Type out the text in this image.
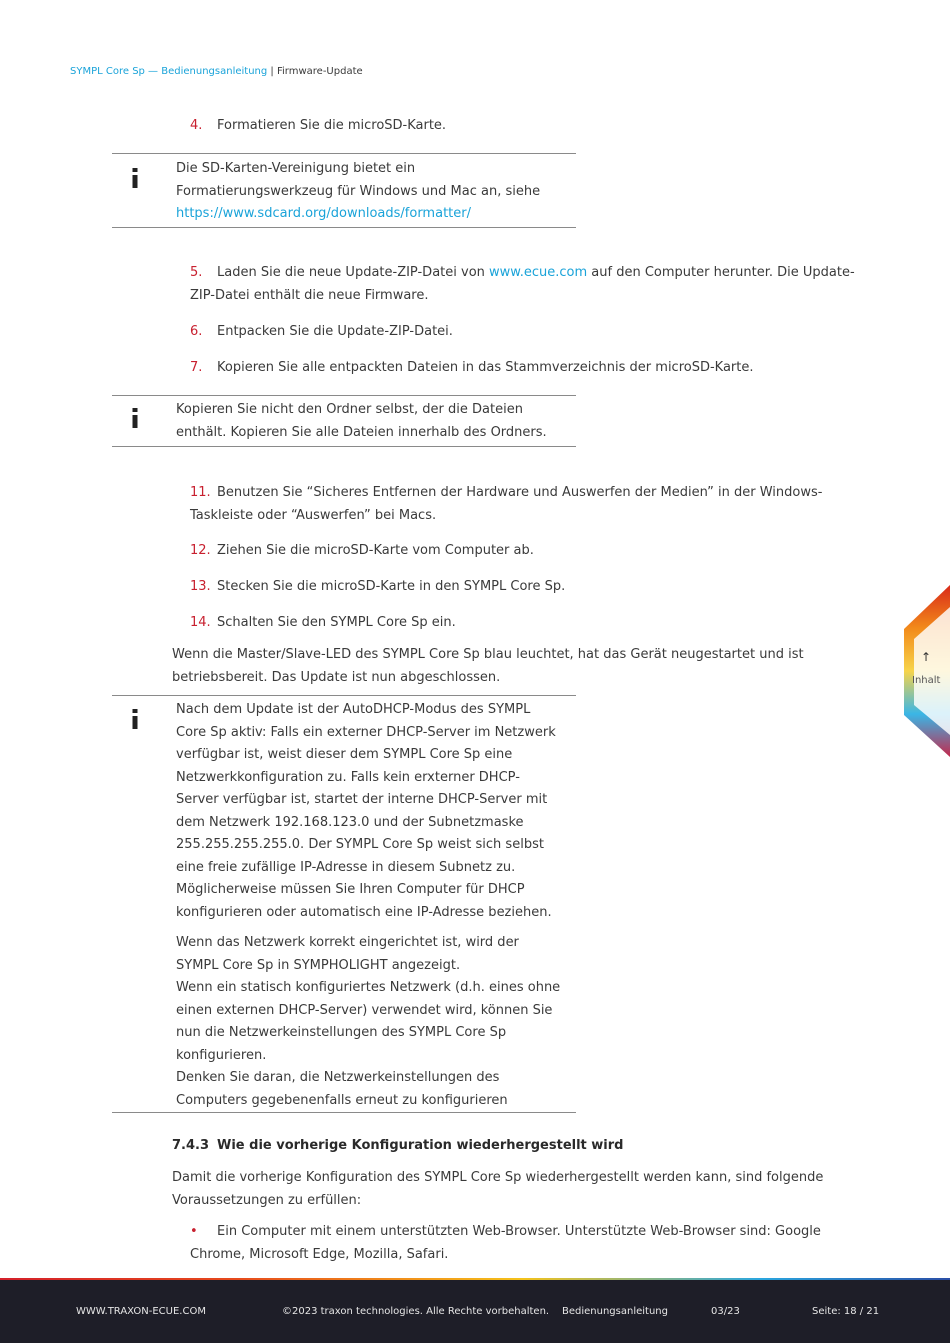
SYMPL Core Sp — Bedienungsanleitung | Firmware-Update
4. Formatieren Sie die microSD-Karte.

Die SD-Karten-Vereinigung bietet ein

Formatierungswerkzeug für Windows und Mac an, siehe

https://www.sdcard.org/downloads/formatter/

5. Laden Sie die neue Update-ZIP-Datei von www.ecue.com auf den Computer herunter. Die Update-ZIP-Datei enthält die neue Firmware.
6. Entpacken Sie die Update-ZIP-Datei.
7. Kopieren Sie alle entpackten Dateien in das Stammverzeichnis der microSD-Karte.
Kopieren Sie nicht den Ordner selbst, der die Dateien enthält. Kopieren Sie alle Dateien innerhalb des Ordners.
11. Benutzen Sie “Sicheres Entfernen der Hardware und Auswerfen der Medien” in der Windows-Taskleiste oder “Auswerfen” bei Macs.
12. Ziehen Sie die microSD-Karte vom Computer ab.
13. Stecken Sie die microSD-Karte in den SYMPL Core Sp.
14. Schalten Sie den SYMPL Core Sp ein.
Wenn die Master/Slave-LED des SYMPL Core Sp blau leuchtet, hat das Gerät neugestartet und ist betriebsbereit. Das Update ist nun abgeschlossen.

Nach dem Update ist der AutoDHCP-Modus des SYMPL Core Sp aktiv: Falls ein externer DHCP-Server im Netzwerk verfügbar ist, weist dieser dem SYMPL Core Sp eine Netzwerkkonfiguration zu. Falls kein erxterner DHCP-Server verfügbar ist, startet der interne DHCP-Server mit dem Netzwerk 192.168.123.0 und der Subnetzmaske 255.255.255.255.0. Der SYMPL Core Sp weist sich selbst eine freie zufällige IP-Adresse in diesem Subnetz zu. Möglicherweise müssen Sie Ihren Computer für DHCP konfigurieren oder automatisch eine IP-Adresse beziehen.

Wenn das Netzwerk korrekt eingerichtet ist, wird der SYMPL Core Sp in SYMPHOLIGHT angezeigt.

Wenn ein statisch konfiguriertes Netzwerk (d.h. eines ohne einen externen DHCP-Server) verwendet wird, können Sie nun die Netzwerkeinstellungen des SYMPL Core Sp konfigurieren.

Denken Sie daran, die Netzwerkeinstellungen des Computers gegebenenfalls erneut zu konfigurieren

7.4.3 Wie die vorherige Konfiguration wiederhergestellt wird
Damit die vorherige Konfiguration des SYMPL Core Sp wiederhergestellt werden kann, sind folgende Voraussetzungen zu erfüllen:
• Ein Computer mit einem unterstützten Web-Browser. Unterstützte Web-Browser sind: Google Chrome, Microsoft Edge, Mozilla, Safari.
↑
Inhalt
WWW.TRAXON-ECUE.COM	©2023 traxon technologies. Alle Rechte vorbehalten. Bedienungsanleitung	03/23	Seite: 18 / 21
